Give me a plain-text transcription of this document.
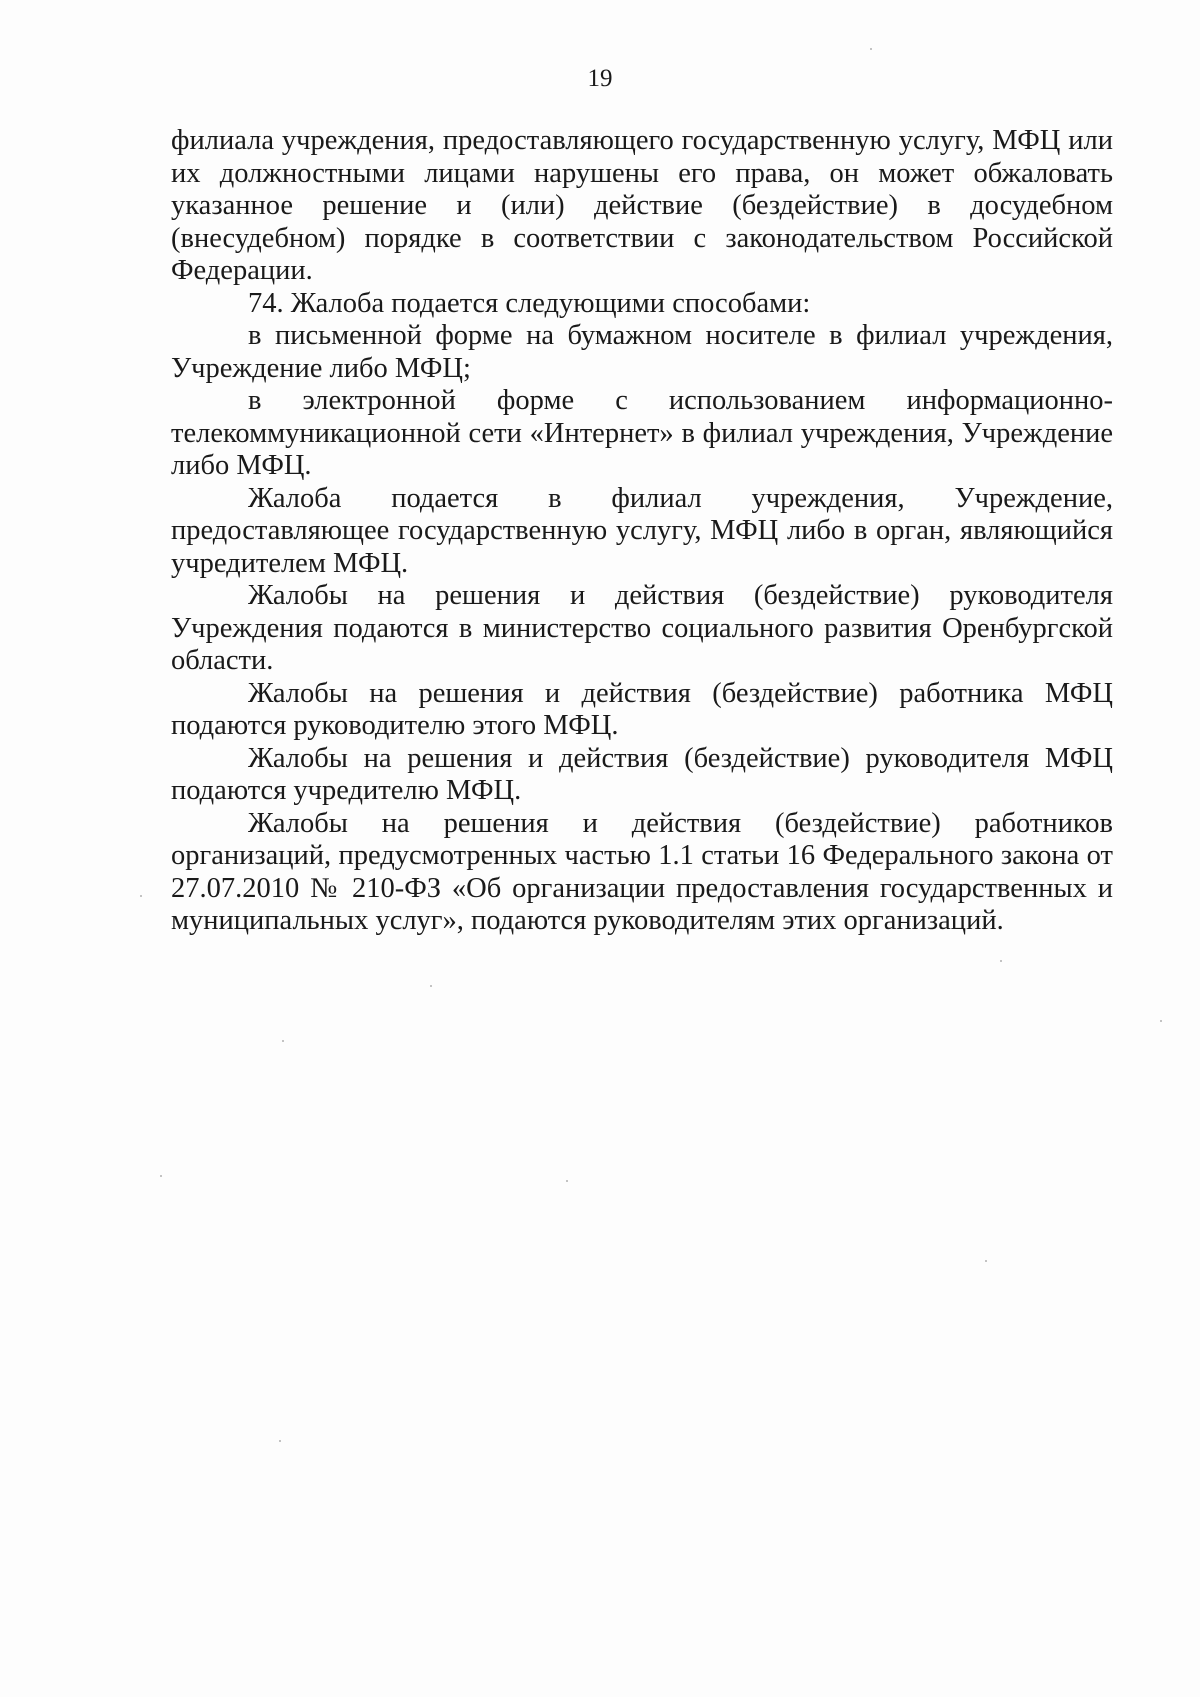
19

филиала учреждения, предоставляющего государственную услугу, МФЦ или их должностными лицами нарушены его права, он может обжаловать указанное решение и (или) действие (бездействие) в досудебном (внесудебном) порядке в соответствии с законодательством Российской Федерации.

74. Жалоба подается следующими способами:

в письменной форме на бумажном носителе в филиал учреждения, Учреждение либо МФЦ;

в электронной форме с использованием информационно-телекоммуникационной сети «Интернет» в филиал учреждения, Учреждение либо МФЦ.

Жалоба подается в филиал учреждения, Учреждение, предоставляющее государственную услугу, МФЦ либо в орган, являющийся учредителем МФЦ.

Жалобы на решения и действия (бездействие) руководителя Учреждения подаются в министерство социального развития Оренбургской области.

Жалобы на решения и действия (бездействие) работника МФЦ подаются руководителю этого МФЦ.

Жалобы на решения и действия (бездействие) руководителя МФЦ подаются учредителю МФЦ.

Жалобы на решения и действия (бездействие) работников организаций, предусмотренных частью 1.1 статьи 16 Федерального закона от 27.07.2010 № 210-ФЗ «Об организации предоставления государственных и муниципальных услуг», подаются руководителям этих организаций.
